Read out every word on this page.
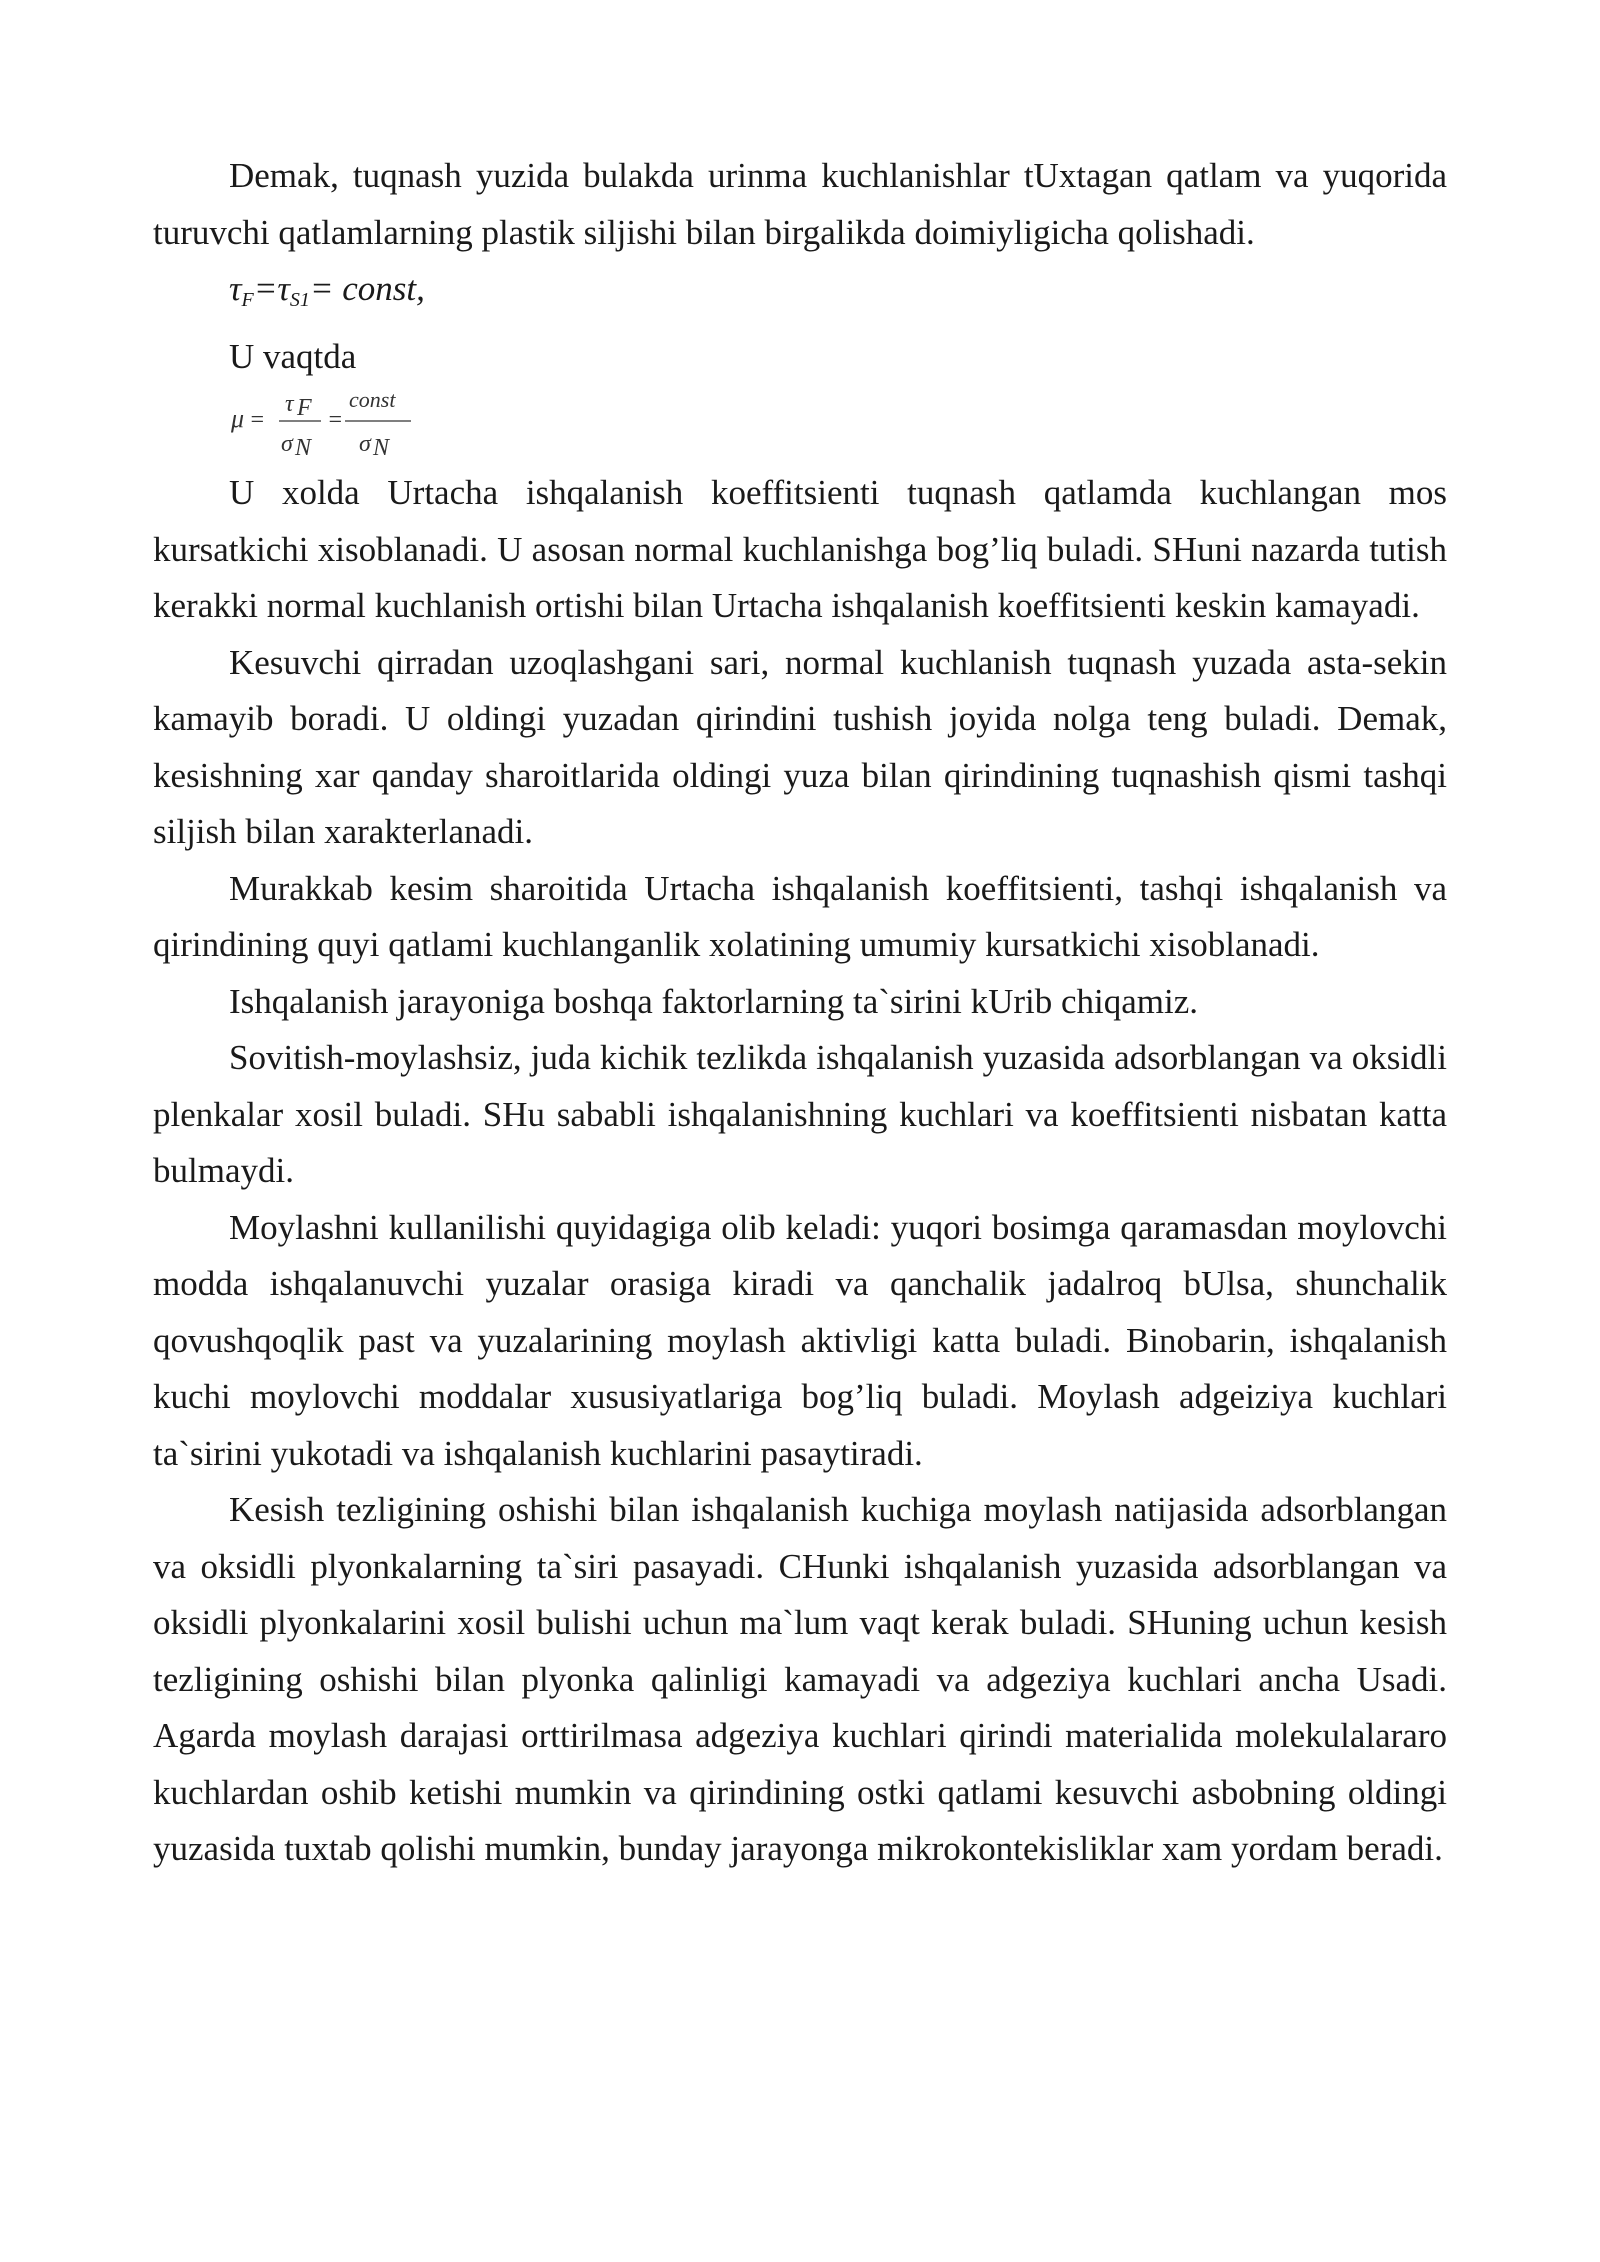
Demak, tuqnash yuzida bulakda urinma kuchlanishlar tUxtagan qatlam va yuqorida turuvchi qatlamlarning plastik siljishi bilan birgalikda doimiyligicha qolishadi.

$\tau_F=\tau_{S1}=$ const,

U vaqtda

μ =
τ F
σ N
=
const
σ N

U xolda Urtacha ishqalanish koeffitsienti tuqnash qatlamda kuchlangan mos kursatkichi xisoblanadi. U asosan normal kuchlanishga bog’liq buladi. SHuni nazarda tutish kerakki normal kuchlanish ortishi bilan Urtacha ishqalanish koeffitsienti keskin kamayadi.

Kesuvchi qirradan uzoqlashgani sari, normal kuchlanish tuqnash yuzada asta-sekin kamayib boradi. U oldingi yuzadan qirindini tushish joyida nolga teng buladi. Demak, kesishning xar qanday sharoitlarida oldingi yuza bilan qirindining tuqnashish qismi tashqi siljish bilan xarakterlanadi.

Murakkab kesim sharoitida Urtacha ishqalanish koeffitsienti, tashqi ishqalanish va qirindining quyi qatlami kuchlanganlik xolatining umumiy kursatkichi xisoblanadi.

Ishqalanish jarayoniga boshqa faktorlarning ta`sirini kUrib chiqamiz.

Sovitish-moylashsiz, juda kichik tezlikda ishqalanish yuzasida adsorblangan va oksidli plenkalar xosil buladi. SHu sababli ishqalanishning kuchlari va koeffitsienti nisbatan katta bulmaydi.

Moylashni kullanilishi quyidagiga olib keladi: yuqori bosimga qaramasdan moylovchi modda ishqalanuvchi yuzalar orasiga kiradi va qanchalik jadalroq bUlsa, shunchalik qovushqoqlik past va yuzalarining moylash aktivligi katta buladi. Binobarin, ishqalanish kuchi moylovchi moddalar xususiyatlariga bog’liq buladi. Moylash adgeiziya kuchlari ta`sirini yukotadi va ishqalanish kuchlarini pasaytiradi.

Kesish tezligining oshishi bilan ishqalanish kuchiga moylash natijasida adsorblangan va oksidli plyonkalarning ta`siri pasayadi. CHunki ishqalanish yuzasida adsorblangan va oksidli plyonkalarini xosil bulishi uchun ma`lum vaqt kerak buladi. SHuning uchun kesish tezligining oshishi bilan plyonka qalinligi kamayadi va adgeziya kuchlari ancha Usadi. Agarda moylash darajasi orttirilmasa adgeziya kuchlari qirindi materialida molekulalararo kuchlardan oshib ketishi mumkin va qirindining ostki qatlami kesuvchi asbobning oldingi yuzasida tuxtab qolishi mumkin, bunday jarayonga mikrokontekisliklar xam yordam beradi.
